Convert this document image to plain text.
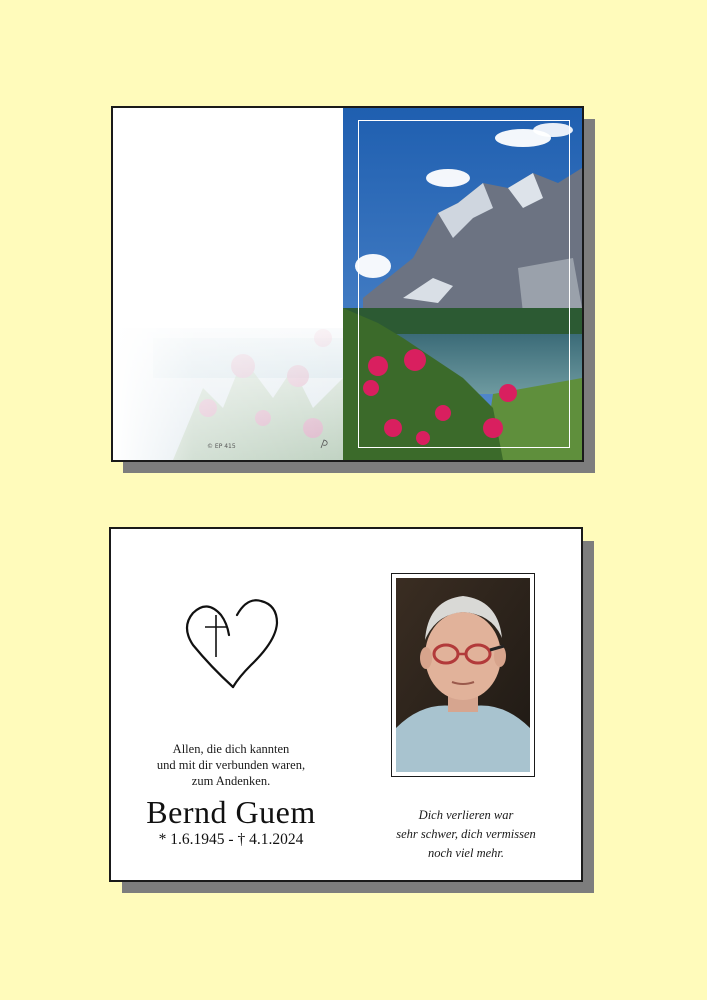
© EP 415
Allen, die dich kannten
und mit dir verbunden waren,
zum Andenken.
Bernd Guem
* 1.6.1945 - † 4.1.2024
Dich verlieren war
sehr schwer, dich vermissen
noch viel mehr.
